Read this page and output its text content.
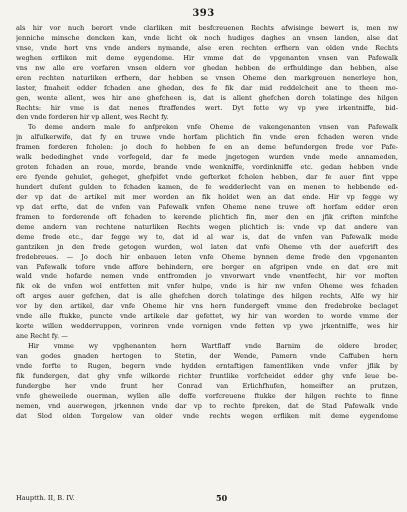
393
als hir vor nuch berort vnde clarliken mit besfcreuenen Rechts afwisinge bewert is, men nw
jenniche minsche dencken kan, vnde licht ok noch hudiges daghes an vnsen landen, alse dat
vnse, vnde hort vns vnde anders nymande, alse eren rechten erfhern van olden vnde Rechts
weghen erfliken mit deme eygendome. Hir vmme dat de vpgenanten vnsen van Pafewalk
vns nw alle ere vorfaren vnsen oldern vor ghedan hebben de erfhuldinge dan hebben, alse
eren rechten naturliken erfhern, dar hebben se vnsen Oheme den markgreuen nenerleye hon,
laster, fmaheit edder fchaden ane ghedan, des fe fik dar mid reddelcheit ane to theen mo-
gen, wente allent, wes hir ane ghefcheen is, dat is allent ghefchen dorch tolatinge des hilgen
Rechts: hir vme is dat nenes ftraffendes wert. Dyt fette wy vp ywe irkentniffe, bid-
den vnde forderen hir vp allent, wes Recht fy.
To deme andern male fo anfpreken vnfe Oheme de vakengenanten vnsen van Pafewalk
jn alfulkerwife, dat fy en truwe vnde horfam plichtich fin vnde eren fchaden weren vnde
framen forderen fcholen: jo doch fo hebben fe en an deme befundergen frede vor Pafe-
walk bededinghet vnde vorfegeld, dar fe mede jngetogen wurden vnde mede annameden,
groten fchaden an roue, morde, brande vnde wenkniffe, vordinkniffe etc. gedan hebben vnde
ere fyende gehulet, geheget, ghefpifet vnde gefterket fcholen hebben, dar fe auer fint vppe
hundert duſent gulden to fchaden kamen, de fe wedderlecht van en menen to hebbende ed-
der vp dat de artikel mit mer worden an fik holdet wen an dat ende. Hir vp fegge wy
vp dat erfte, dat de vnfen van Pafewalk vnfen Oheme nene truwe oft horfam edder eren
framen to forderende oft fchaden to kerende plichtich fin, mer den en jfik criften minfche
deme andern van rechtene naturliken Rechts wegen plichtich is: vnde vp dat andere van
deme frede etc., dar fegge wy to, dat id al war is, dat de vnfen van Pafewalk mede
gantziken jn den frede getogen wurden, wol laten dat vnfe Oheme vth der auefcrift des
fredebreues. — Jo doch hir enbauen leten vnfe Oheme bynnen deme frede den vpgenanten
van Pafewalk tofore vnde affore behindern, ere borger en afgripen vnde en dat ere mit
wald vnde hofarde nemen vnde entfromden jo vnvorwart vnde vnentfecht, hir vor moften
fik ok de vnfen wol entfetten mit vnfer hulpe, vnde is hir nw vnfen Oheme wes fchaden
oft arges auer gefchen, dat is alle ghefchen dorch tolatinge des hilgen rechts, Alfe wy hir
vor by den artikel, dar vnfe Oheme hir vns hern fundergeft vmme den fredebroke beclaget
vnde alle ftukke, puncte vnde artikele dar gefettet, wy hir van worden to worde vmme der
korte willen wedderruppen, vorinren vnde vornigen vnde fetten vp ywe jrkentniffe, wes hir
ane Recht fy. —
Hir vmme wy vpghenanten hern Wartflaff vnde Barnim de oldere broder,
van godes gnaden hertogen to Stetin, der Wende, Pamern vnde Caffuben hern
vnde forfte to Rugen, begern vnde hydden erntaftigen famentliken vnde vnfer jflik by
fik fundergen, dat ghy vnfe wilkorde richter fruntlike vorfcheidet edder ghy vnfe leue be-
fundergbe her vnde frunt her Conrad van Erlichfhufen, homeifter an prutzen,
vnfe gheweilede ouerman, wyllen alle deffe vorfcreuene ftukke der hilgen rechte to finne
nemen, vnd auerwegen, jrkennen vnde dar vp to rechte fpreken, dat de Stad Pafewalk vnde
dat Slod olden Torgelow van older vnde rechts wegen erfliken mit deme eygendome
Hauptth. II, B. IV.	50
